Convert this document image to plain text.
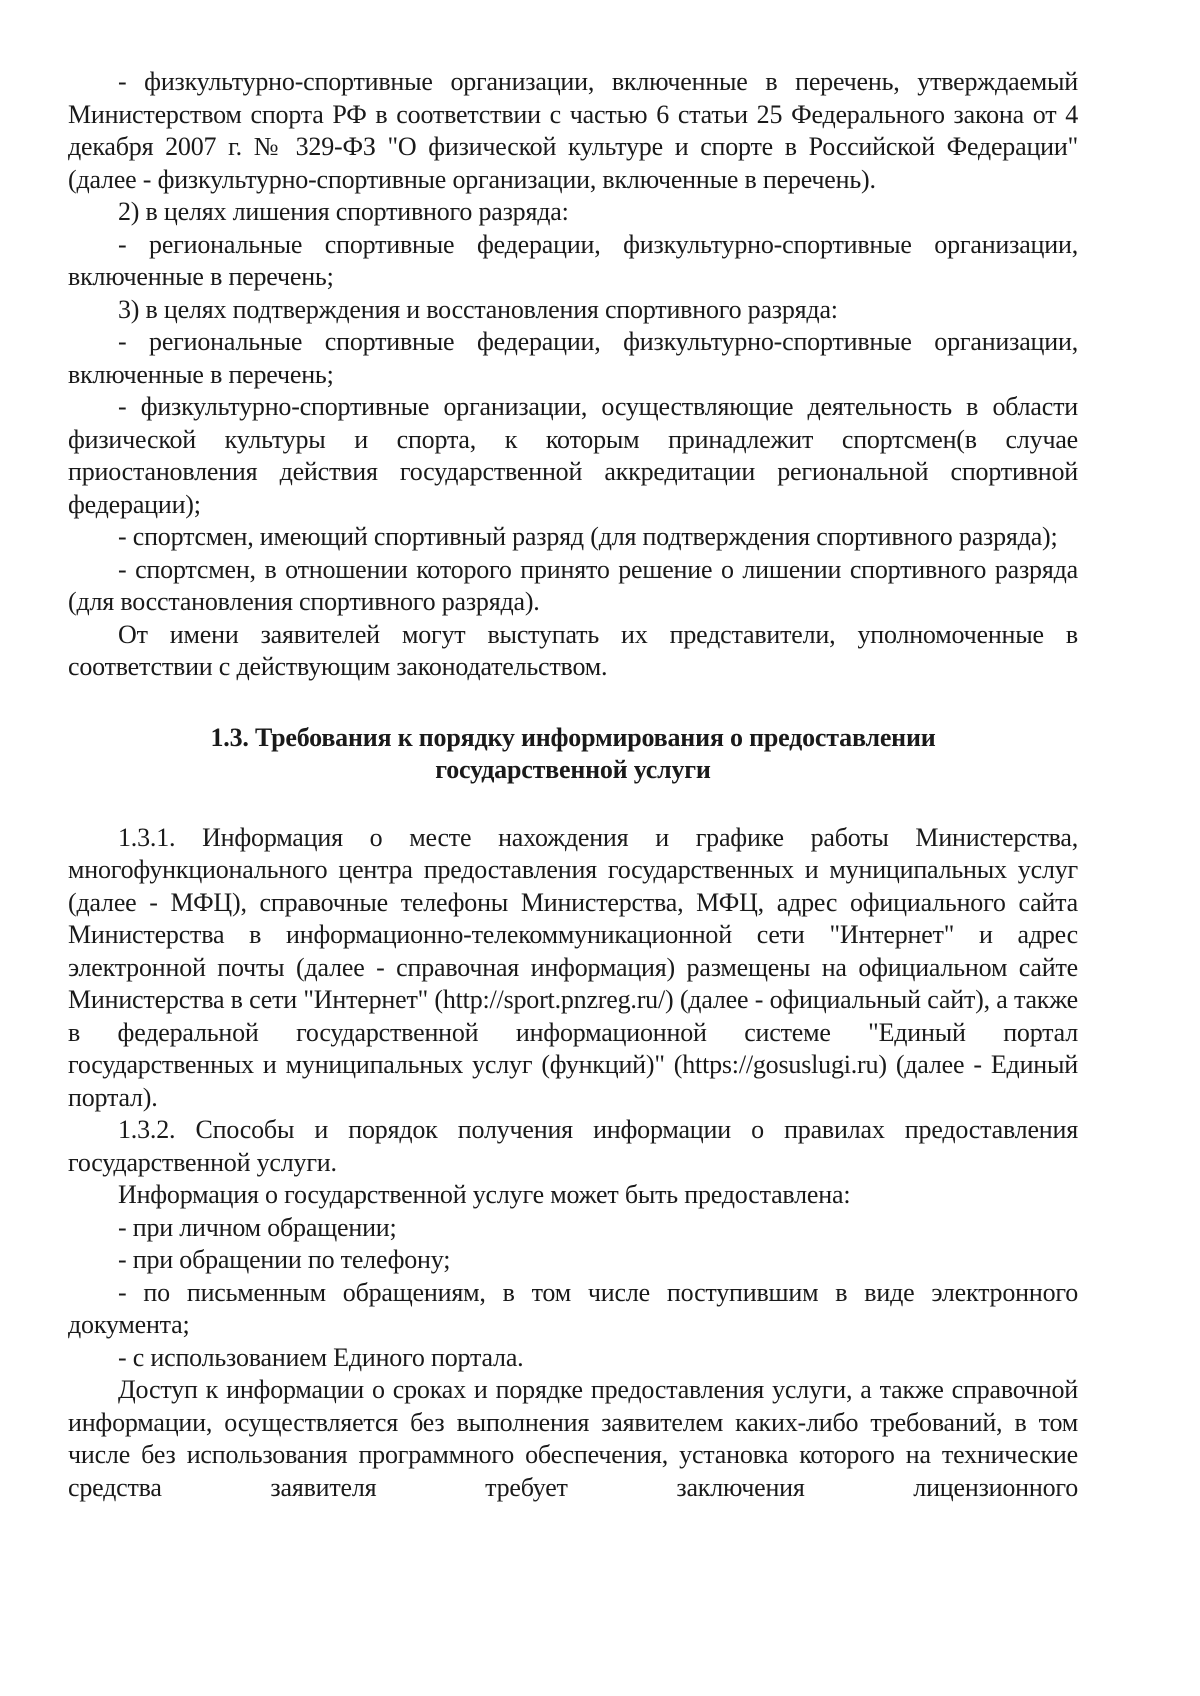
- физкультурно-спортивные организации, включенные в перечень, утверждаемый Министерством спорта РФ в соответствии с частью 6 статьи 25 Федерального закона от 4 декабря 2007 г. № 329-ФЗ "О физической культуре и спорте в Российской Федерации" (далее - физкультурно-спортивные организации, включенные в перечень).

2) в целях лишения спортивного разряда:

- региональные спортивные федерации, физкультурно-спортивные организации, включенные в перечень;

3) в целях подтверждения и восстановления спортивного разряда:

- региональные спортивные федерации, физкультурно-спортивные организации, включенные в перечень;

- физкультурно-спортивные организации, осуществляющие деятельность в области физической культуры и спорта, к которым принадлежит спортсмен(в случае приостановления действия государственной аккредитации региональной спортивной федерации);

- спортсмен, имеющий спортивный разряд (для подтверждения спортивного разряда);

- спортсмен, в отношении которого принято решение о лишении спортивного разряда (для восстановления спортивного разряда).

От имени заявителей могут выступать их представители, уполномоченные в соответствии с действующим законодательством.

1.3. Требования к порядку информирования о предоставлении
государственной услуги

1.3.1. Информация о месте нахождения и графике работы Министерства, многофункционального центра предоставления государственных и муниципальных услуг (далее - МФЦ), справочные телефоны Министерства, МФЦ, адрес официального сайта Министерства в информационно-телекоммуникационной сети "Интернет" и адрес электронной почты (далее - справочная информация) размещены на официальном сайте Министерства в сети "Интернет" (http://sport.pnzreg.ru/) (далее - официальный сайт), а также в федеральной государственной информационной системе "Единый портал государственных и муниципальных услуг (функций)" (https://gosuslugi.ru) (далее - Единый портал).

1.3.2. Способы и порядок получения информации о правилах предоставления государственной услуги.

Информация о государственной услуге может быть предоставлена:

- при личном обращении;

- при обращении по телефону;

- по письменным обращениям, в том числе поступившим в виде электронного документа;

- с использованием Единого портала.

Доступ к информации о сроках и порядке предоставления услуги, а также справочной информации, осуществляется без выполнения заявителем каких-либо требований, в том числе без использования программного обеспечения, установка которого на технические средства заявителя требует заключения лицензионного
